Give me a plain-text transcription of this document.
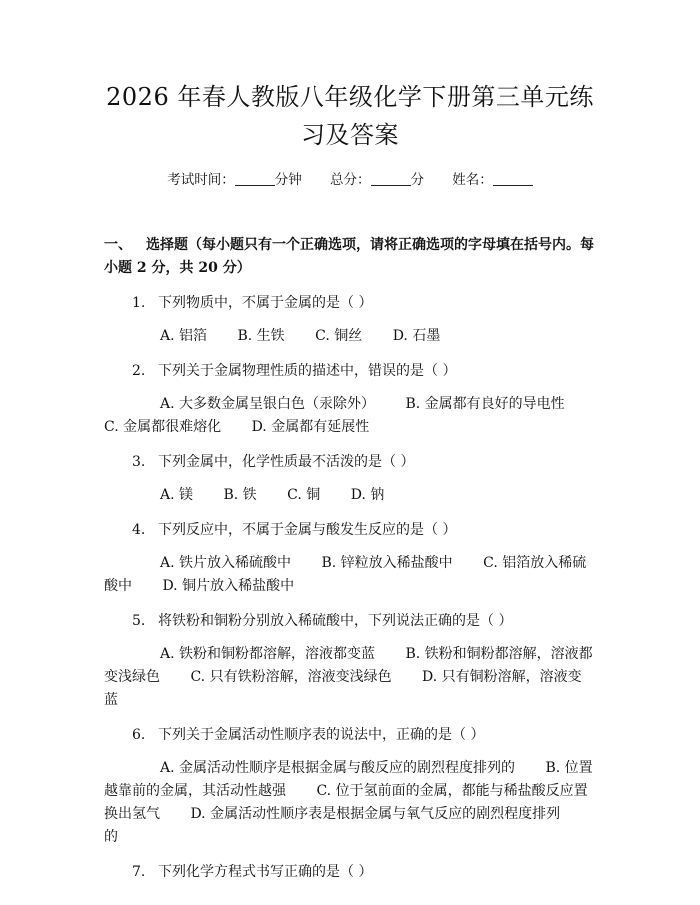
2026 年春人教版八年级化学下册第三单元练习及答案
考试时间：	分钟 总分：	分 姓名：
一、 选择题（每小题只有一个正确选项，请将正确选项的字母填在括号内。每小题 2 分，共 20 分）
1. 下列物质中，不属于金属的是（ ）
A. 铝箔 B. 生铁 C. 铜丝 D. 石墨
2. 下列关于金属物理性质的描述中，错误的是（ ）
A. 大多数金属呈银白色（汞除外） B. 金属都有良好的导电性 C. 金属都很难熔化 D. 金属都有延展性
3. 下列金属中，化学性质最不活泼的是（ ）
A. 镁 B. 铁 C. 铜 D. 钠
4. 下列反应中，不属于金属与酸发生反应的是（ ）
A. 铁片放入稀硫酸中 B. 锌粒放入稀盐酸中 C. 铝箔放入稀硫酸中 D. 铜片放入稀盐酸中
5. 将铁粉和铜粉分别放入稀硫酸中，下列说法正确的是（ ）
A. 铁粉和铜粉都溶解，溶液都变蓝 B. 铁粉和铜粉都溶解，溶液都变浅绿色 C. 只有铁粉溶解，溶液变浅绿色 D. 只有铜粉溶解，溶液变蓝
6. 下列关于金属活动性顺序表的说法中，正确的是（ ）
A. 金属活动性顺序是根据金属与酸反应的剧烈程度排列的 B. 位置越靠前的金属，其活动性越强 C. 位于氢前面的金属，都能与稀盐酸反应置换出氢气 D. 金属活动性顺序表是根据金属与氧气反应的剧烈程度排列的
7. 下列化学方程式书写正确的是（ ）
